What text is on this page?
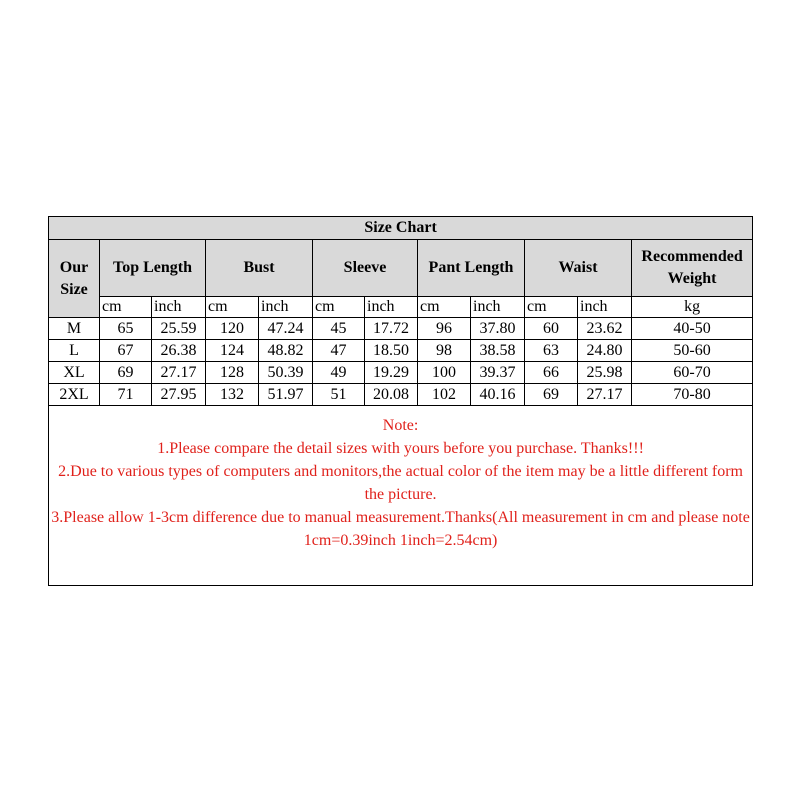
Size Chart											

Our
Size	Top Length		Bust		Sleeve		Pant Length		Waist		Recommended
Weight

	cm	inch	cm	inch	cm	inch	cm	inch	cm	inch	kg
M	65	25.59	120	47.24	45	17.72	96	37.80	60	23.62	40-50
L	67	26.38	124	48.82	47	18.50	98	38.58	63	24.80	50-60
XL	69	27.17	128	50.39	49	19.29	100	39.37	66	25.98	60-70
2XL	71	27.95	132	51.97	51	20.08	102	40.16	69	27.17	70-80

Note:
1.Please compare the detail sizes with yours before you purchase. Thanks!!!
2.Due to various types of computers and monitors,the actual color of the item may be a little different form the picture.
3.Please allow 1-3cm difference due to manual measurement.Thanks(All measurement in cm and please note 1cm=0.39inch 1inch=2.54cm)											
